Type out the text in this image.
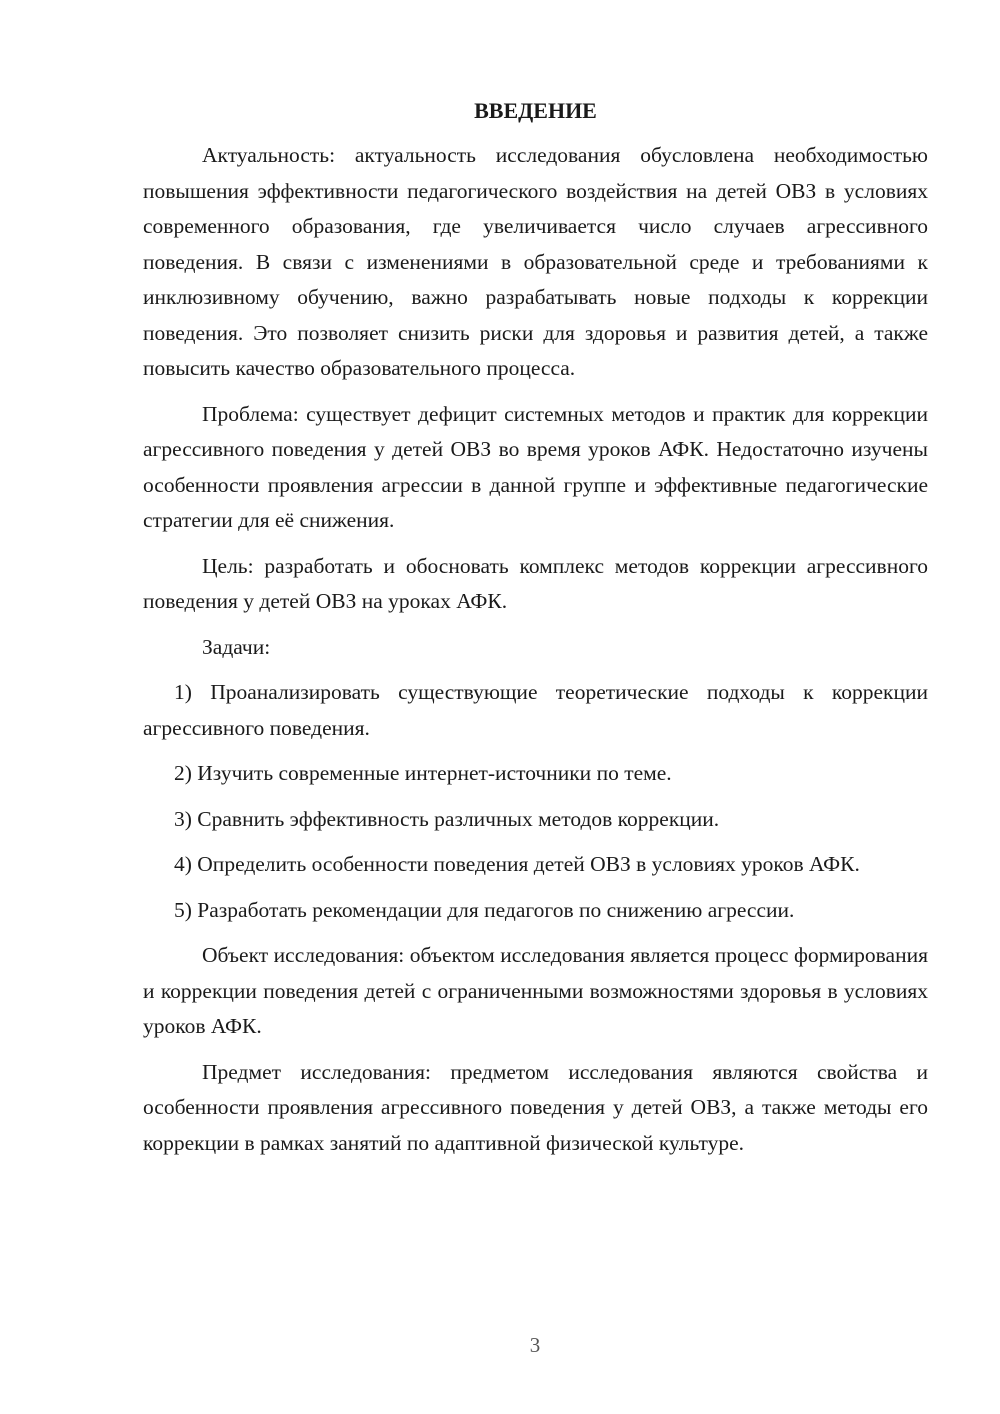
ВВЕДЕНИЕ

Актуальность: актуальность исследования обусловлена необходимостью повышения эффективности педагогического воздействия на детей ОВЗ в условиях современного образования, где увеличивается число случаев агрессивного поведения. В связи с изменениями в образовательной среде и требованиями к инклюзивному обучению, важно разрабатывать новые подходы к коррекции поведения. Это позволяет снизить риски для здоровья и развития детей, а также повысить качество образовательного процесса.

Проблема: существует дефицит системных методов и практик для коррекции агрессивного поведения у детей ОВЗ во время уроков АФК. Недостаточно изучены особенности проявления агрессии в данной группе и эффективные педагогические стратегии для её снижения.

Цель: разработать и обосновать комплекс методов коррекции агрессивного поведения у детей ОВЗ на уроках АФК.

Задачи:

1) Проанализировать существующие теоретические подходы к коррекции агрессивного поведения.

2) Изучить современные интернет-источники по теме.

3) Сравнить эффективность различных методов коррекции.

4) Определить особенности поведения детей ОВЗ в условиях уроков АФК.

5) Разработать рекомендации для педагогов по снижению агрессии.

Объект исследования: объектом исследования является процесс формирования и коррекции поведения детей с ограниченными возможностями здоровья в условиях уроков АФК.

Предмет исследования: предметом исследования являются свойства и особенности проявления агрессивного поведения у детей ОВЗ, а также методы его коррекции в рамках занятий по адаптивной физической культуре.

3
